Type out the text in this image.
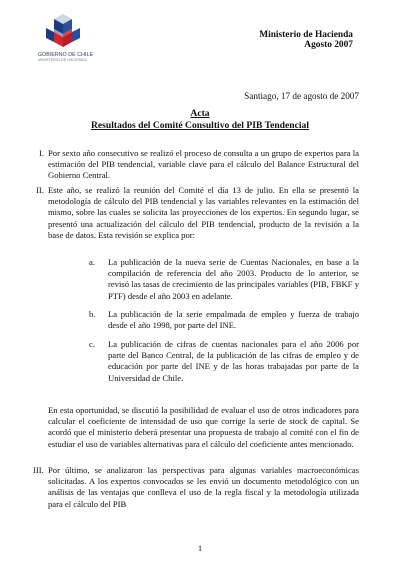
GOBIERNO DE CHILE
MINISTERIO DE HACIENDA
Ministerio de Hacienda
Agosto 2007
Santiago, 17 de agosto de 2007
Acta
Resultados del Comité Consultivo del PIB Tendencial
I. Por sexto año consecutivo se realizó el proceso de consulta a un grupo de expertos para la estimación del PIB tendencial, variable clave para el cálculo del Balance Estructural del Gobierno Central.
II. Este año, se realizó la reunión del Comité el día 13 de julio. En ella se presentó la metodología de cálculo del PIB tendencial y las variables relevantes en la estimación del mismo, sobre las cuales se solicita las proyecciones de los expertos. En segundo lugar, se presentó una actualización del cálculo del PIB tendencial, producto de la revisión a la base de datos. Esta revisión se explica por:
a. La publicación de la nueva serie de Cuentas Nacionales, en base a la compilación de referencia del año 2003. Producto de lo anterior, se revisó las tasas de crecimiento de las principales variables (PIB, FBKF y PTF) desde el año 2003 en adelante.
b. La publicación de la serie empalmada de empleo y fuerza de trabajo desde el año 1998, por parte del INE.
c. La publicación de cifras de cuentas nacionales para el año 2006 por parte del Banco Central, de la publicación de las cifras de empleo y de educación por parte del INE y de las horas trabajadas por parte de la Universidad de Chile.
En esta oportunidad, se discutió la posibilidad de evaluar el uso de otros indicadores para calcular el coeficiente de intensidad de uso que corrige la serie de stock de capital. Se acordó que el ministerio deberá presentar una propuesta de trabajo al comité con el fin de estudiar el uso de variables alternativas para el cálculo del coeficiente antes mencionado.
III. Por último, se analizaron las perspectivas para algunas variables macroeconómicas solicitadas. A los expertos convocados se les envió un documento metodológico con un análisis de las ventajas que conlleva el uso de la regla fiscal y la metodología utilizada para el cálculo del PIB
1
